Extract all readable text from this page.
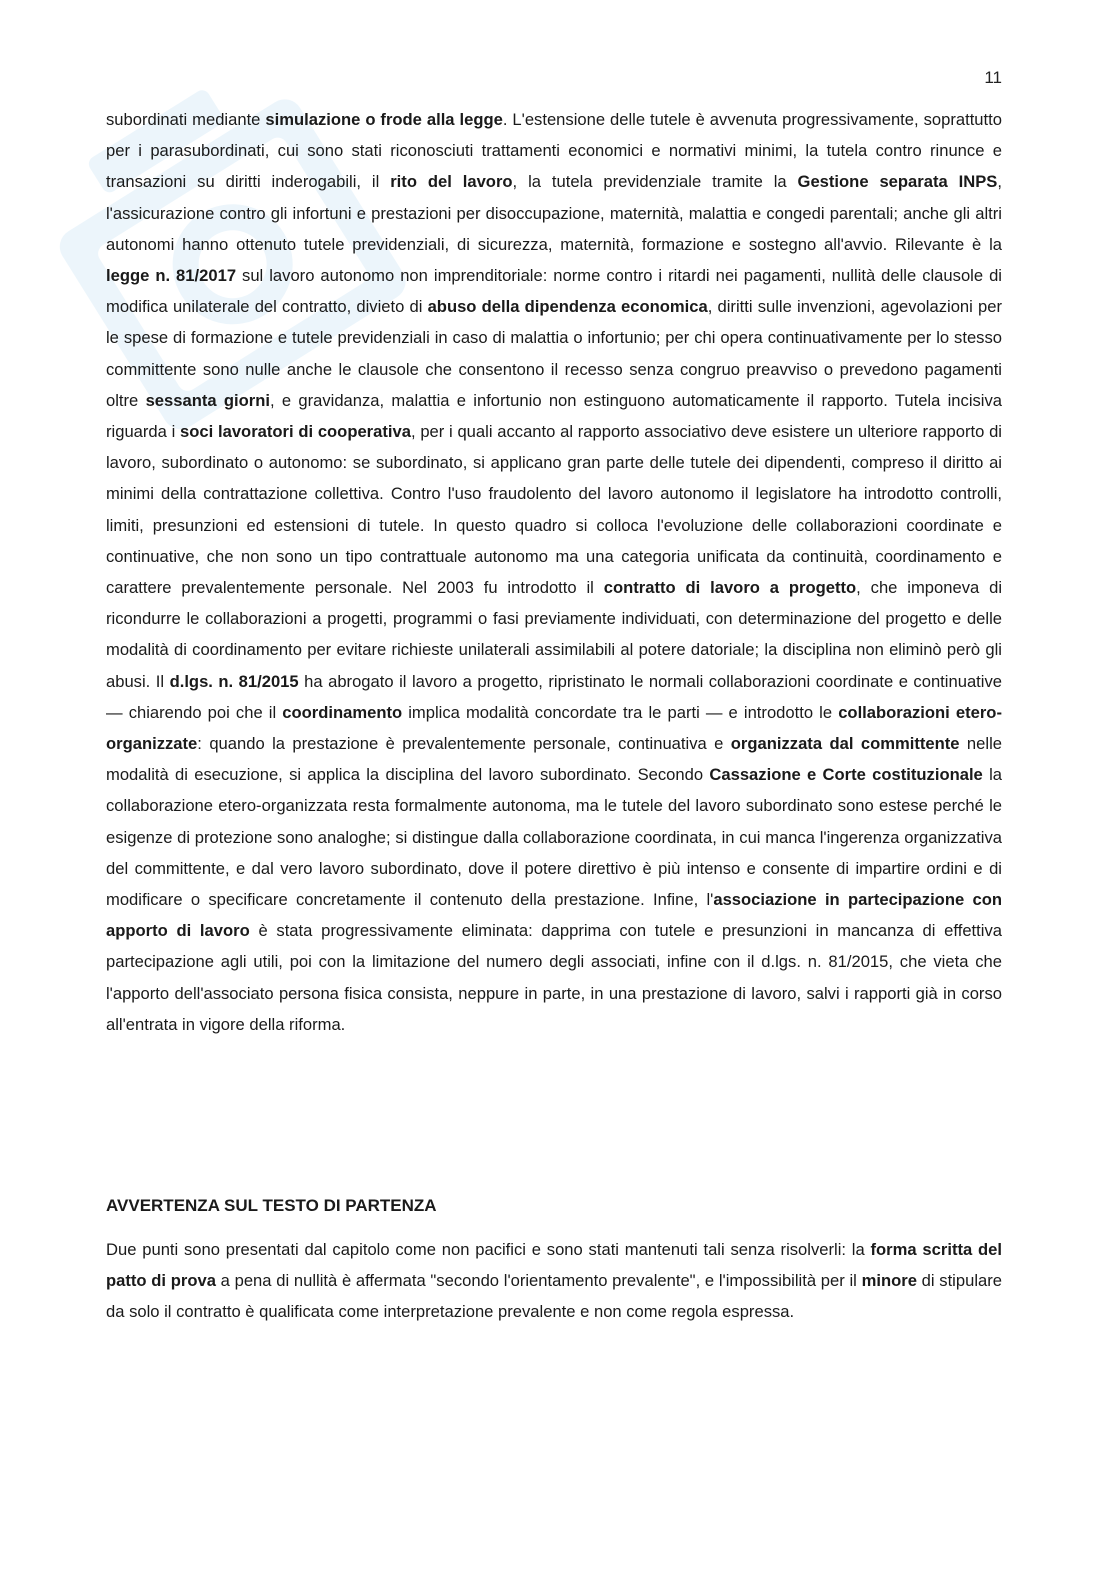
11

subordinati mediante simulazione o frode alla legge. L'estensione delle tutele è avvenuta progressivamente, soprattutto per i parasubordinati, cui sono stati riconosciuti trattamenti economici e normativi minimi, la tutela contro rinunce e transazioni su diritti inderogabili, il rito del lavoro, la tutela previdenziale tramite la Gestione separata INPS, l'assicurazione contro gli infortuni e prestazioni per disoccupazione, maternità, malattia e congedi parentali; anche gli altri autonomi hanno ottenuto tutele previdenziali, di sicurezza, maternità, formazione e sostegno all'avvio. Rilevante è la legge n. 81/2017 sul lavoro autonomo non imprenditoriale: norme contro i ritardi nei pagamenti, nullità delle clausole di modifica unilaterale del contratto, divieto di abuso della dipendenza economica, diritti sulle invenzioni, agevolazioni per le spese di formazione e tutele previdenziali in caso di malattia o infortunio; per chi opera continuativamente per lo stesso committente sono nulle anche le clausole che consentono il recesso senza congruo preavviso o prevedono pagamenti oltre sessanta giorni, e gravidanza, malattia e infortunio non estinguono automaticamente il rapporto. Tutela incisiva riguarda i soci lavoratori di cooperativa, per i quali accanto al rapporto associativo deve esistere un ulteriore rapporto di lavoro, subordinato o autonomo: se subordinato, si applicano gran parte delle tutele dei dipendenti, compreso il diritto ai minimi della contrattazione collettiva. Contro l'uso fraudolento del lavoro autonomo il legislatore ha introdotto controlli, limiti, presunzioni ed estensioni di tutele. In questo quadro si colloca l'evoluzione delle collaborazioni coordinate e continuative, che non sono un tipo contrattuale autonomo ma una categoria unificata da continuità, coordinamento e carattere prevalentemente personale. Nel 2003 fu introdotto il contratto di lavoro a progetto, che imponeva di ricondurre le collaborazioni a progetti, programmi o fasi previamente individuati, con determinazione del progetto e delle modalità di coordinamento per evitare richieste unilaterali assimilabili al potere datoriale; la disciplina non eliminò però gli abusi. Il d.lgs. n. 81/2015 ha abrogato il lavoro a progetto, ripristinato le normali collaborazioni coordinate e continuative — chiarendo poi che il coordinamento implica modalità concordate tra le parti — e introdotto le collaborazioni etero-organizzate: quando la prestazione è prevalentemente personale, continuativa e organizzata dal committente nelle modalità di esecuzione, si applica la disciplina del lavoro subordinato. Secondo Cassazione e Corte costituzionale la collaborazione etero-organizzata resta formalmente autonoma, ma le tutele del lavoro subordinato sono estese perché le esigenze di protezione sono analoghe; si distingue dalla collaborazione coordinata, in cui manca l'ingerenza organizzativa del committente, e dal vero lavoro subordinato, dove il potere direttivo è più intenso e consente di impartire ordini e di modificare o specificare concretamente il contenuto della prestazione. Infine, l'associazione in partecipazione con apporto di lavoro è stata progressivamente eliminata: dapprima con tutele e presunzioni in mancanza di effettiva partecipazione agli utili, poi con la limitazione del numero degli associati, infine con il d.lgs. n. 81/2015, che vieta che l'apporto dell'associato persona fisica consista, neppure in parte, in una prestazione di lavoro, salvi i rapporti già in corso all'entrata in vigore della riforma.

AVVERTENZA SUL TESTO DI PARTENZA

Due punti sono presentati dal capitolo come non pacifici e sono stati mantenuti tali senza risolverli: la forma scritta del patto di prova a pena di nullità è affermata "secondo l'orientamento prevalente", e l'impossibilità per il minore di stipulare da solo il contratto è qualificata come interpretazione prevalente e non come regola espressa.
